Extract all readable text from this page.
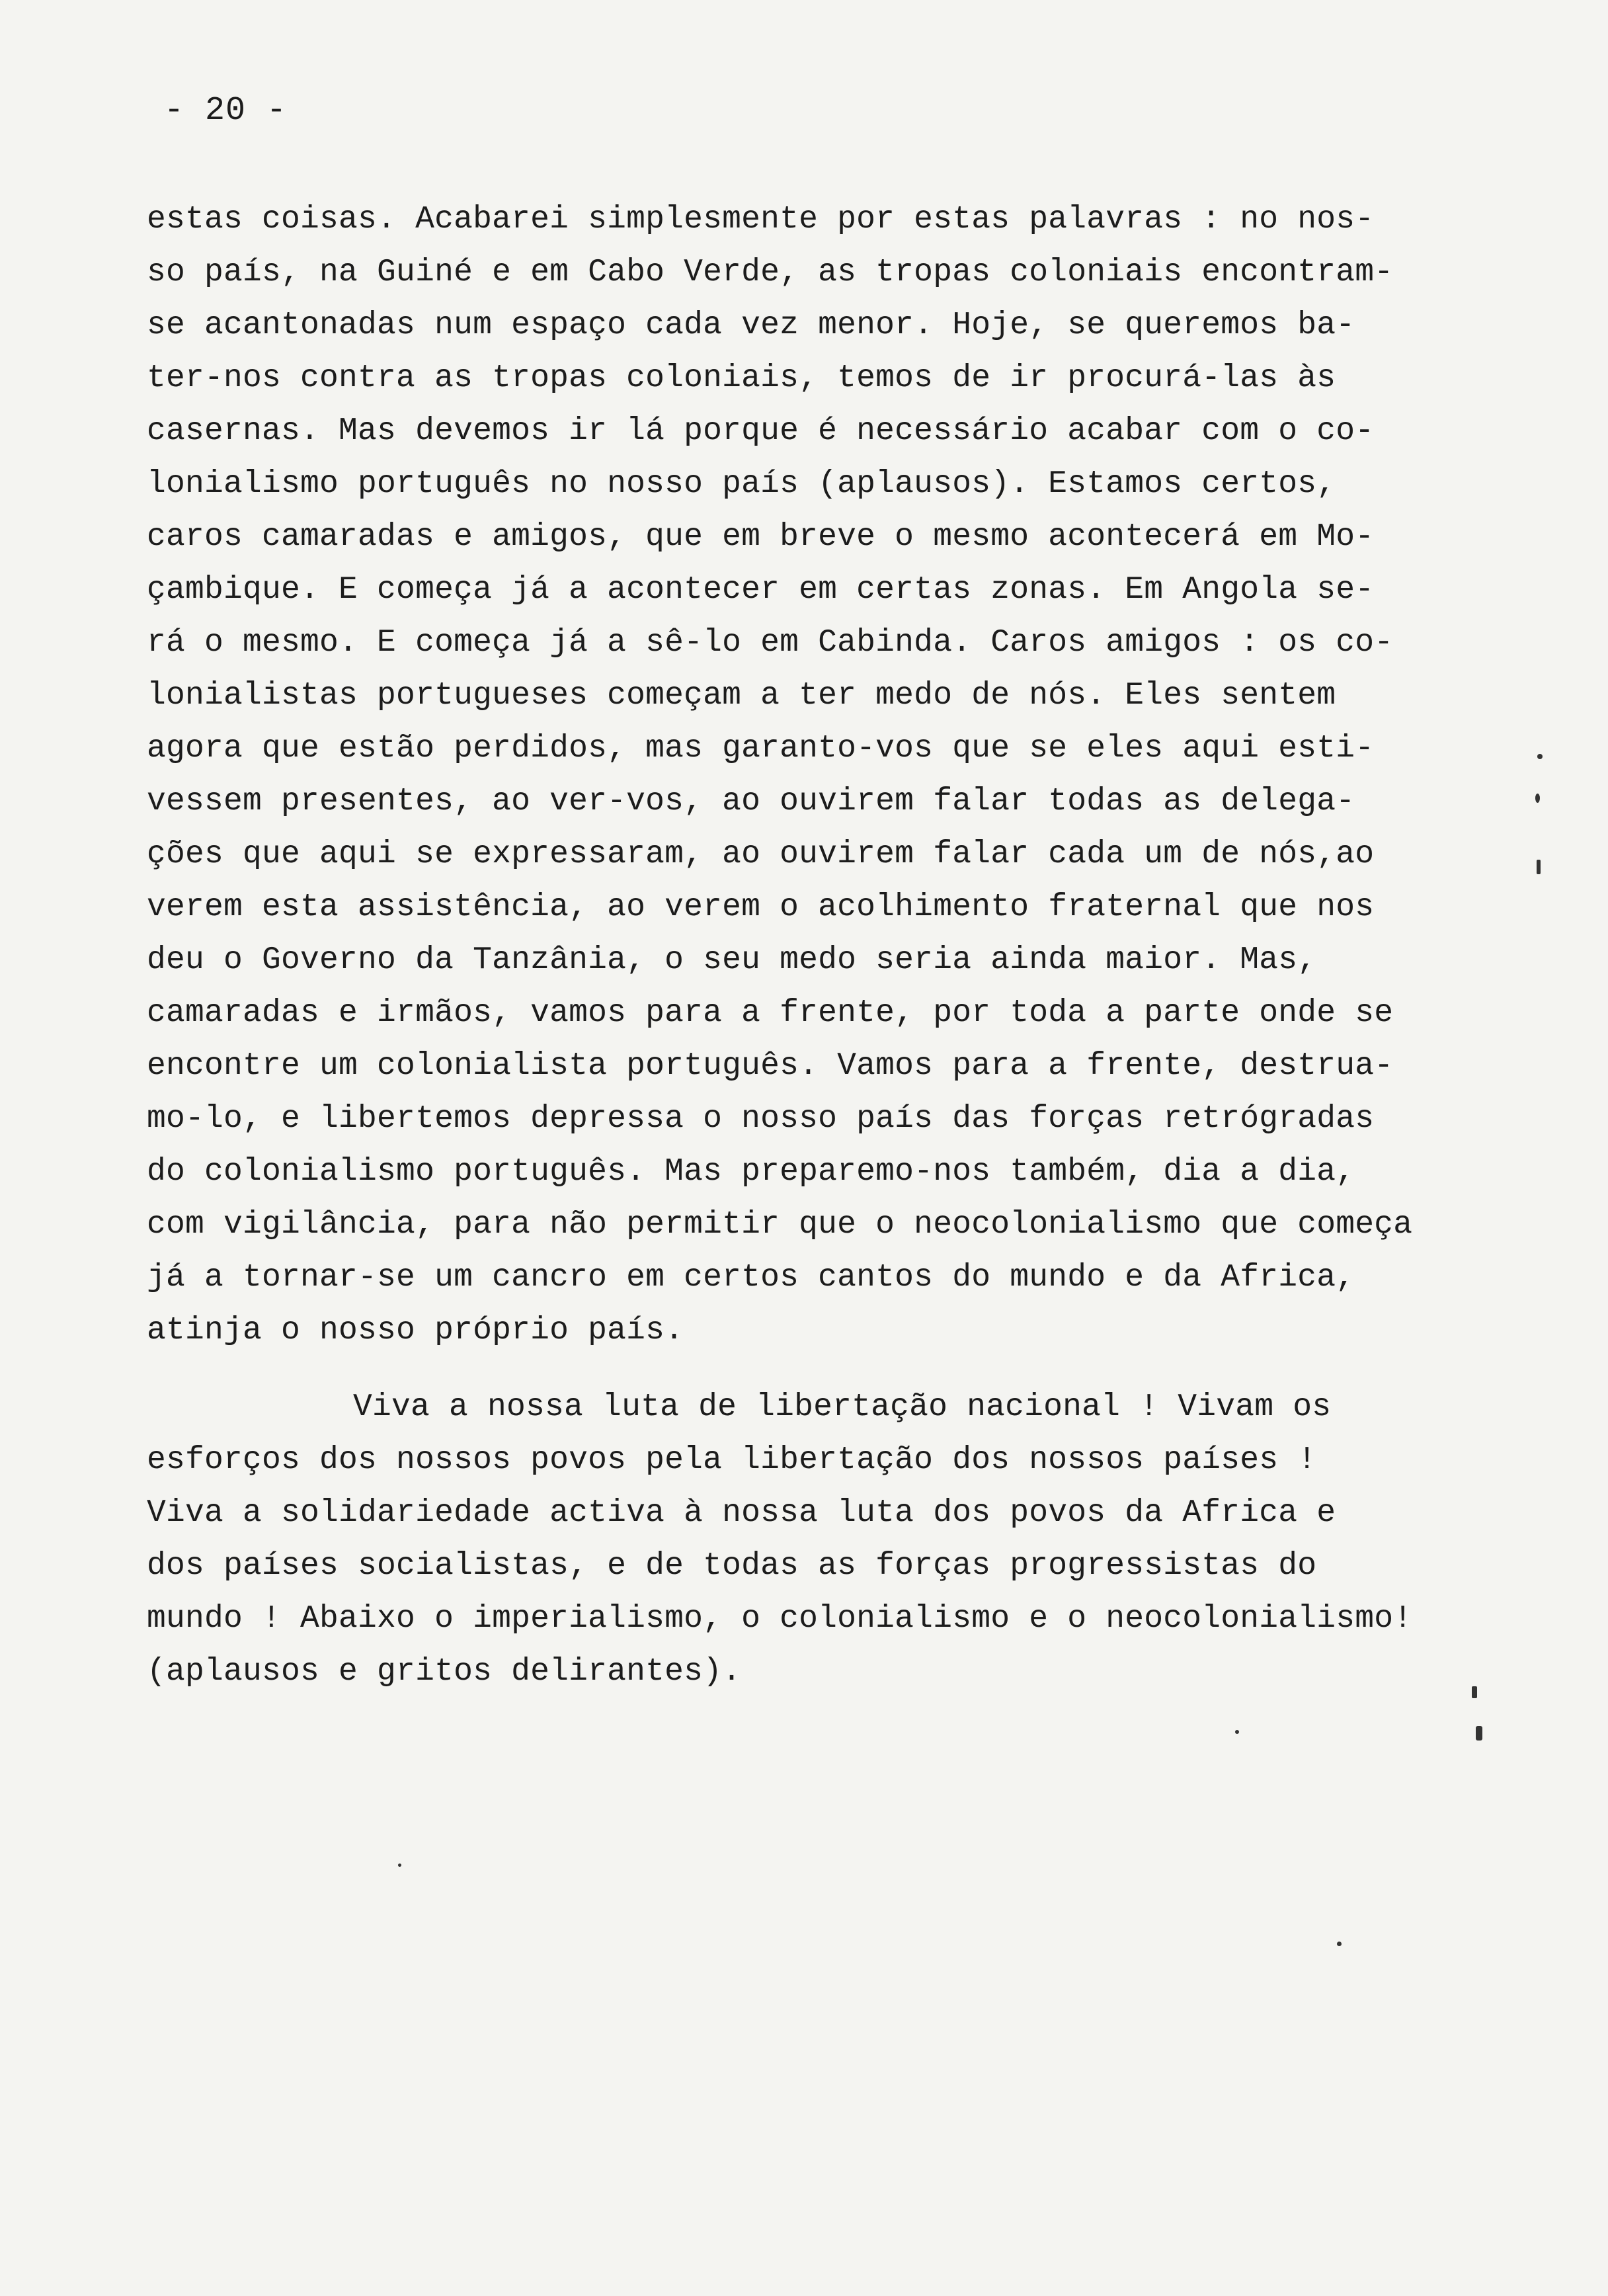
- 20 -
estas coisas. Acabarei simplesmente por estas palavras : no nos-
so país, na Guiné e em Cabo Verde, as tropas coloniais encontram-
se acantonadas num espaço cada vez menor. Hoje, se queremos ba-
ter-nos contra as tropas coloniais, temos de ir procurá-las às
casernas. Mas devemos ir lá porque é necessário acabar com o co-
lonialismo português no nosso país (aplausos). Estamos certos,
caros camaradas e amigos, que em breve o mesmo acontecerá em Mo-
çambique. E começa já a acontecer em certas zonas. Em Angola se-
rá o mesmo. E começa já a sê-lo em Cabinda. Caros amigos : os co-
lonialistas portugueses começam a ter medo de nós. Eles sentem
agora que estão perdidos, mas garanto-vos que se eles aqui esti-
vessem presentes, ao ver-vos, ao ouvirem falar todas as delega-
ções que aqui se expressaram, ao ouvirem falar cada um de nós,ao
verem esta assistência, ao verem o acolhimento fraternal que nos
deu o Governo da Tanzânia, o seu medo seria ainda maior. Mas,
camaradas e irmãos, vamos para a frente, por toda a parte onde se
encontre um colonialista português. Vamos para a frente, destrua-
mo-lo, e libertemos depressa o nosso país das forças retrógradas
do colonialismo português. Mas preparemo-nos também, dia a dia,
com vigilância, para não permitir que o neocolonialismo que começa
já a tornar-se um cancro em certos cantos do mundo e da Africa,
atinja o nosso próprio país.
Viva a nossa luta de libertação nacional ! Vivam os
esforços dos nossos povos pela libertação dos nossos países !
Viva a solidariedade activa à nossa luta dos povos da Africa e
dos países socialistas, e de todas as forças progressistas do
mundo ! Abaixo o imperialismo, o colonialismo e o neocolonialismo!
(aplausos e gritos delirantes).
